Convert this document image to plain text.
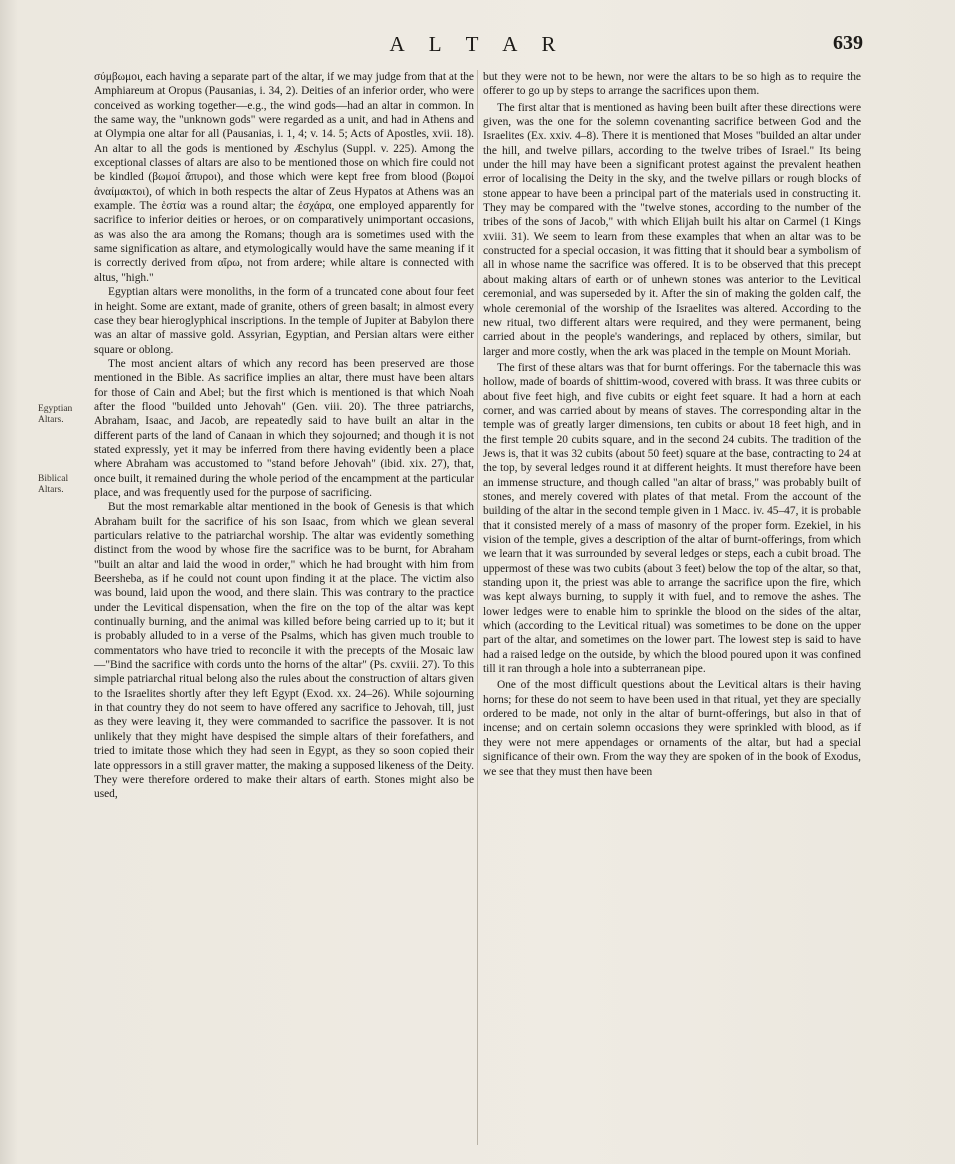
A L T A R	639
Egyptian Altars.
Biblical Altars.

σύμβωμοι, each having a separate part of the altar, if we may judge from that at the Amphiareum at Oropus (Pausanias, i. 34, 2). Deities of an inferior order, who were conceived as working together—e.g., the wind gods—had an altar in common. In the same way, the "unknown gods" were regarded as a unit, and had in Athens and at Olympia one altar for all (Pausanias, i. 1, 4; v. 14. 5; Acts of Apostles, xvii. 18). An altar to all the gods is mentioned by Æschylus (Suppl. v. 225). Among the exceptional classes of altars are also to be mentioned those on which fire could not be kindled (βωμοί ἄπυροι), and those which were kept free from blood (βωμοί ἀναίμακτοι), of which in both respects the altar of Zeus Hypatos at Athens was an example. The ἑστία was a round altar; the ἐσχάρα, one employed apparently for sacrifice to inferior deities or heroes, or on comparatively unimportant occasions, as was also the ara among the Romans; though ara is sometimes used with the same signification as altare, and etymologically would have the same meaning if it is correctly derived from αἴρω, not from ardere; while altare is connected with altus, "high."

Egyptian altars were monoliths, in the form of a truncated cone about four feet in height. Some are extant, made of granite, others of green basalt; in almost every case they bear hieroglyphical inscriptions. In the temple of Jupiter at Babylon there was an altar of massive gold. Assyrian, Egyptian, and Persian altars were either square or oblong.

The most ancient altars of which any record has been preserved are those mentioned in the Bible. As sacrifice implies an altar, there must have been altars for those of Cain and Abel; but the first which is mentioned is that which Noah after the flood "builded unto Jehovah" (Gen. viii. 20). The three patriarchs, Abraham, Isaac, and Jacob, are repeatedly said to have built an altar in the different parts of the land of Canaan in which they sojourned; and though it is not stated expressly, yet it may be inferred from there having evidently been a place where Abraham was accustomed to "stand before Jehovah" (ibid. xix. 27), that, once built, it remained during the whole period of the encampment at the particular place, and was frequently used for the purpose of sacrificing.

But the most remarkable altar mentioned in the book of Genesis is that which Abraham built for the sacrifice of his son Isaac, from which we glean several particulars relative to the patriarchal worship. The altar was evidently something distinct from the wood by whose fire the sacrifice was to be burnt, for Abraham "built an altar and laid the wood in order," which he had brought with him from Beersheba, as if he could not count upon finding it at the place. The victim also was bound, laid upon the wood, and there slain. This was contrary to the practice under the Levitical dispensation, when the fire on the top of the altar was kept continually burning, and the animal was killed before being carried up to it; but it is probably alluded to in a verse of the Psalms, which has given much trouble to commentators who have tried to reconcile it with the precepts of the Mosaic law—"Bind the sacrifice with cords unto the horns of the altar" (Ps. cxviii. 27). To this simple patriarchal ritual belong also the rules about the construction of altars given to the Israelites shortly after they left Egypt (Exod. xx. 24–26). While sojourning in that country they do not seem to have offered any sacrifice to Jehovah, till, just as they were leaving it, they were commanded to sacrifice the passover. It is not unlikely that they might have despised the simple altars of their forefathers, and tried to imitate those which they had seen in Egypt, as they so soon copied their late oppressors in a still graver matter, the making a supposed likeness of the Deity. They were therefore ordered to make their altars of earth. Stones might also be used,

but they were not to be hewn, nor were the altars to be so high as to require the offerer to go up by steps to arrange the sacrifices upon them.

The first altar that is mentioned as having been built after these directions were given, was the one for the solemn covenanting sacrifice between God and the Israelites (Ex. xxiv. 4–8). There it is mentioned that Moses "builded an altar under the hill, and twelve pillars, according to the twelve tribes of Israel." Its being under the hill may have been a significant protest against the prevalent heathen error of localising the Deity in the sky, and the twelve pillars or rough blocks of stone appear to have been a principal part of the materials used in constructing it. They may be compared with the "twelve stones, according to the number of the tribes of the sons of Jacob," with which Elijah built his altar on Carmel (1 Kings xviii. 31). We seem to learn from these examples that when an altar was to be constructed for a special occasion, it was fitting that it should bear a symbolism of all in whose name the sacrifice was offered. It is to be observed that this precept about making altars of earth or of unhewn stones was anterior to the Levitical ceremonial, and was superseded by it. After the sin of making the golden calf, the whole ceremonial of the worship of the Israelites was altered. According to the new ritual, two different altars were required, and they were permanent, being carried about in the people's wanderings, and replaced by others, similar, but larger and more costly, when the ark was placed in the temple on Mount Moriah.

The first of these altars was that for burnt offerings. For the tabernacle this was hollow, made of boards of shittim-wood, covered with brass. It was three cubits or about five feet high, and five cubits or eight feet square. It had a horn at each corner, and was carried about by means of staves. The corresponding altar in the temple was of greatly larger dimensions, ten cubits or about 18 feet high, and in the first temple 20 cubits square, and in the second 24 cubits. The tradition of the Jews is, that it was 32 cubits (about 50 feet) square at the base, contracting to 24 at the top, by several ledges round it at different heights. It must therefore have been an immense structure, and though called "an altar of brass," was probably built of stones, and merely covered with plates of that metal. From the account of the building of the altar in the second temple given in 1 Macc. iv. 45–47, it is probable that it consisted merely of a mass of masonry of the proper form. Ezekiel, in his vision of the temple, gives a description of the altar of burnt-offerings, from which we learn that it was surrounded by several ledges or steps, each a cubit broad. The uppermost of these was two cubits (about 3 feet) below the top of the altar, so that, standing upon it, the priest was able to arrange the sacrifice upon the fire, which was kept always burning, to supply it with fuel, and to remove the ashes. The lower ledges were to enable him to sprinkle the blood on the sides of the altar, which (according to the Levitical ritual) was sometimes to be done on the upper part of the altar, and sometimes on the lower part. The lowest step is said to have had a raised ledge on the outside, by which the blood poured upon it was confined till it ran through a hole into a subterranean pipe.

One of the most difficult questions about the Levitical altars is their having horns; for these do not seem to have been used in that ritual, yet they are specially ordered to be made, not only in the altar of burnt-offerings, but also in that of incense; and on certain solemn occasions they were sprinkled with blood, as if they were not mere appendages or ornaments of the altar, but had a special significance of their own. From the way they are spoken of in the book of Exodus, we see that they must then have been
